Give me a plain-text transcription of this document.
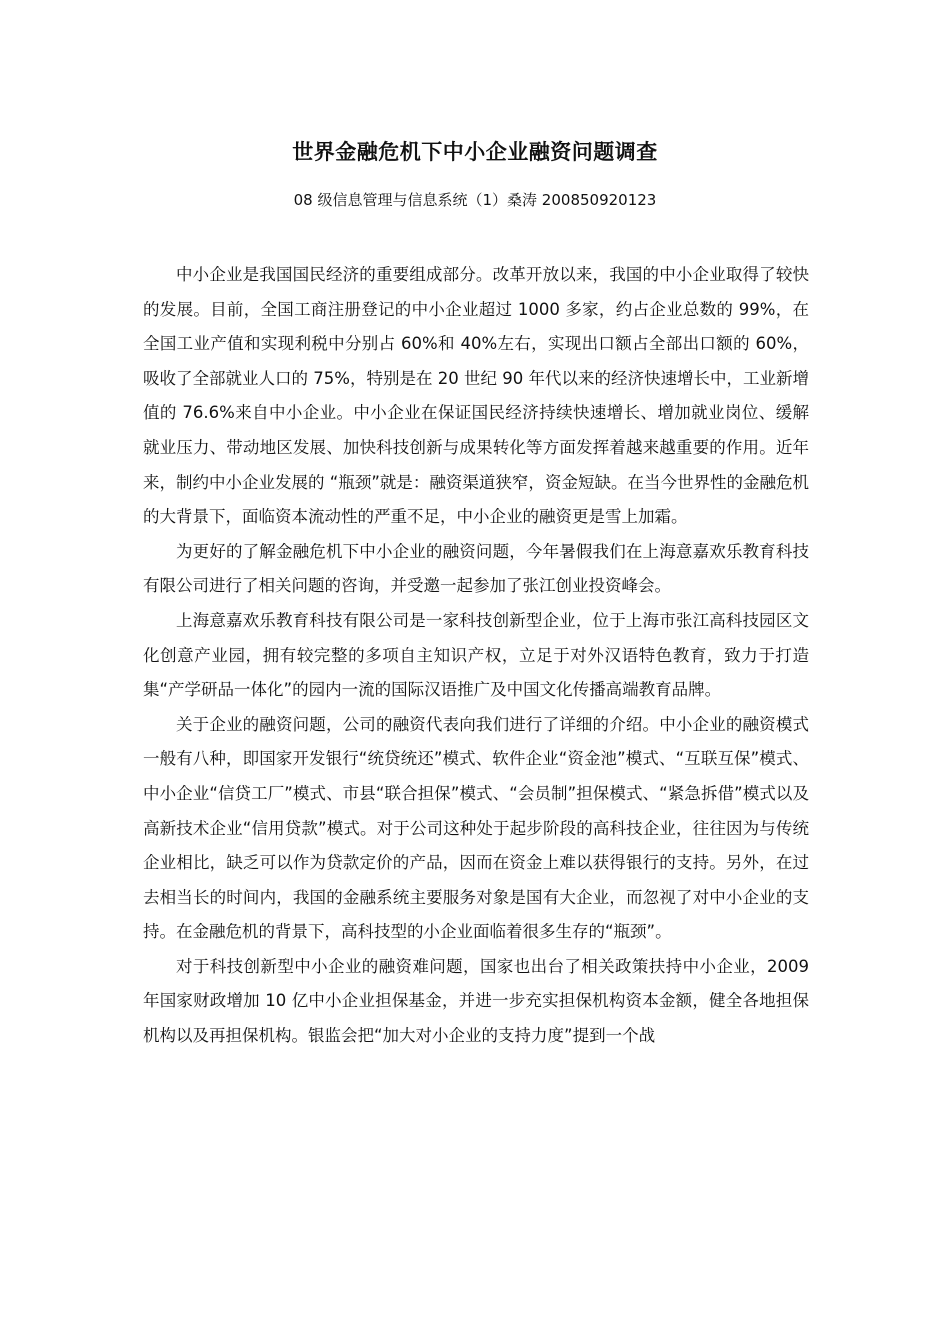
世界金融危机下中小企业融资问题调查

08 级信息管理与信息系统（1）桑涛 200850920123

中小企业是我国国民经济的重要组成部分。改革开放以来，我国的中小企业取得了较快的发展。目前，全国工商注册登记的中小企业超过 1000 多家，约占企业总数的 99%，在全国工业产值和实现利税中分别占 60%和 40%左右，实现出口额占全部出口额的 60%，吸收了全部就业人口的 75%，特别是在 20 世纪 90 年代以来的经济快速增长中，工业新增值的 76.6%来自中小企业。中小企业在保证国民经济持续快速增长、增加就业岗位、缓解就业压力、带动地区发展、加快科技创新与成果转化等方面发挥着越来越重要的作用。近年来，制约中小企业发展的 “瓶颈”就是：融资渠道狭窄，资金短缺。在当今世界性的金融危机的大背景下，面临资本流动性的严重不足，中小企业的融资更是雪上加霜。

为更好的了解金融危机下中小企业的融资问题，今年暑假我们在上海意嘉欢乐教育科技有限公司进行了相关问题的咨询，并受邀一起参加了张江创业投资峰会。

上海意嘉欢乐教育科技有限公司是一家科技创新型企业，位于上海市张江高科技园区文化创意产业园，拥有较完整的多项自主知识产权，立足于对外汉语特色教育，致力于打造集“产学研品一体化”的园内一流的国际汉语推广及中国文化传播高端教育品牌。

关于企业的融资问题，公司的融资代表向我们进行了详细的介绍。中小企业的融资模式一般有八种，即国家开发银行“统贷统还”模式、软件企业“资金池”模式、“互联互保”模式、中小企业“信贷工厂”模式、市县“联合担保”模式、“会员制”担保模式、“紧急拆借”模式以及高新技术企业“信用贷款”模式。对于公司这种处于起步阶段的高科技企业，往往因为与传统企业相比，缺乏可以作为贷款定价的产品，因而在资金上难以获得银行的支持。另外，在过去相当长的时间内，我国的金融系统主要服务对象是国有大企业，而忽视了对中小企业的支持。在金融危机的背景下，高科技型的小企业面临着很多生存的“瓶颈”。

对于科技创新型中小企业的融资难问题，国家也出台了相关政策扶持中小企业，2009 年国家财政增加 10 亿中小企业担保基金，并进一步充实担保机构资本金额，健全各地担保机构以及再担保机构。银监会把“加大对小企业的支持力度”提到一个战
